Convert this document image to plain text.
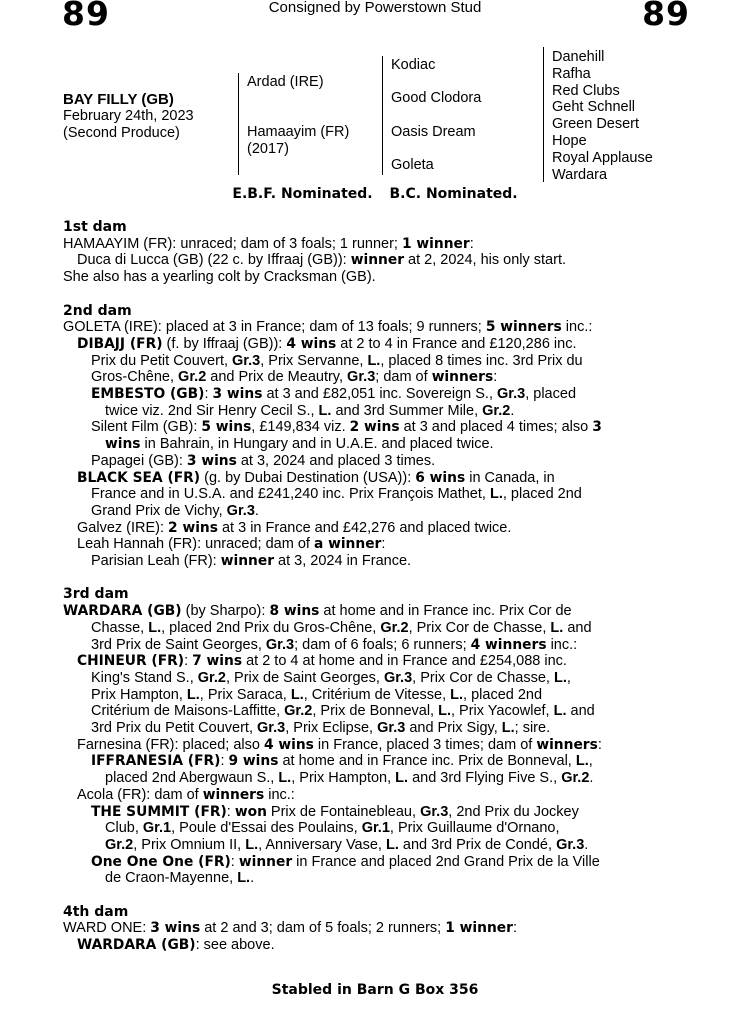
89	Consigned by Powerstown Stud	89
BAY FILLY (GB)
February 24th, 2023
(Second Produce)
Ardad (IRE)
Hamaayim (FR)
(2017)
Kodiac
Good Clodora
Oasis Dream
Goleta
Danehill
Rafha
Red Clubs
Geht Schnell
Green Desert
Hope
Royal Applause
Wardara
E.B.F. Nominated. B.C. Nominated.
1st dam
HAMAAYIM (FR): unraced; dam of 3 foals; 1 runner; 1 winner:
Duca di Lucca (GB) (22 c. by Iffraaj (GB)): winner at 2, 2024, his only start.
She also has a yearling colt by Cracksman (GB).
2nd dam
GOLETA (IRE): placed at 3 in France; dam of 13 foals; 9 runners; 5 winners inc.:
DIBAJJ (FR) (f. by Iffraaj (GB)): 4 wins at 2 to 4 in France and £120,286 inc.
Prix du Petit Couvert, Gr.3, Prix Servanne, L., placed 8 times inc. 3rd Prix du
Gros-Chêne, Gr.2 and Prix de Meautry, Gr.3; dam of winners:
EMBESTO (GB): 3 wins at 3 and £82,051 inc. Sovereign S., Gr.3, placed
twice viz. 2nd Sir Henry Cecil S., L. and 3rd Summer Mile, Gr.2.
Silent Film (GB): 5 wins, £149,834 viz. 2 wins at 3 and placed 4 times; also 3
wins in Bahrain, in Hungary and in U.A.E. and placed twice.
Papagei (GB): 3 wins at 3, 2024 and placed 3 times.
BLACK SEA (FR) (g. by Dubai Destination (USA)): 6 wins in Canada, in
France and in U.S.A. and £241,240 inc. Prix François Mathet, L., placed 2nd
Grand Prix de Vichy, Gr.3.
Galvez (IRE): 2 wins at 3 in France and £42,276 and placed twice.
Leah Hannah (FR): unraced; dam of a winner:
Parisian Leah (FR): winner at 3, 2024 in France.
3rd dam
WARDARA (GB) (by Sharpo): 8 wins at home and in France inc. Prix Cor de
Chasse, L., placed 2nd Prix du Gros-Chêne, Gr.2, Prix Cor de Chasse, L. and
3rd Prix de Saint Georges, Gr.3; dam of 6 foals; 6 runners; 4 winners inc.:
CHINEUR (FR): 7 wins at 2 to 4 at home and in France and £254,088 inc.
King's Stand S., Gr.2, Prix de Saint Georges, Gr.3, Prix Cor de Chasse, L.,
Prix Hampton, L., Prix Saraca, L., Critérium de Vitesse, L., placed 2nd
Critérium de Maisons-Laffitte, Gr.2, Prix de Bonneval, L., Prix Yacowlef, L. and
3rd Prix du Petit Couvert, Gr.3, Prix Eclipse, Gr.3 and Prix Sigy, L.; sire.
Farnesina (FR): placed; also 4 wins in France, placed 3 times; dam of winners:
IFFRANESIA (FR): 9 wins at home and in France inc. Prix de Bonneval, L.,
placed 2nd Abergwaun S., L., Prix Hampton, L. and 3rd Flying Five S., Gr.2.
Acola (FR): dam of winners inc.:
THE SUMMIT (FR): won Prix de Fontainebleau, Gr.3, 2nd Prix du Jockey
Club, Gr.1, Poule d'Essai des Poulains, Gr.1, Prix Guillaume d'Ornano,
Gr.2, Prix Omnium II, L., Anniversary Vase, L. and 3rd Prix de Condé, Gr.3.
One One One (FR): winner in France and placed 2nd Grand Prix de la Ville
de Craon-Mayenne, L..
4th dam
WARD ONE: 3 wins at 2 and 3; dam of 5 foals; 2 runners; 1 winner:
WARDARA (GB): see above.
Stabled in Barn G Box 356
